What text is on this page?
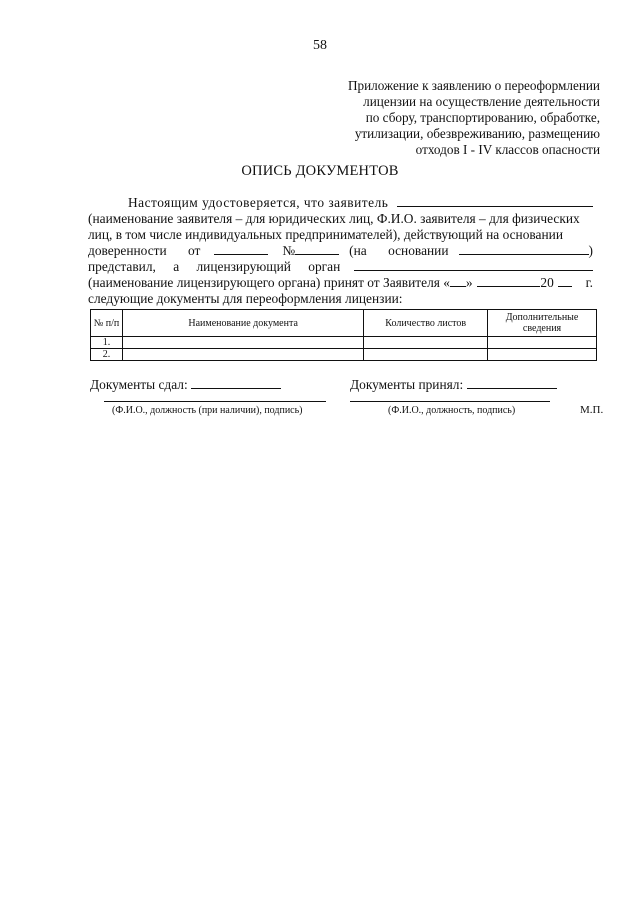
58
Приложение к заявлению о переоформлении
лицензии на осуществление деятельности
по сбору, транспортированию, обработке,
утилизации, обезвреживанию, размещению
отходов I - IV классов опасности
ОПИСЬ ДОКУМЕНТОВ
Настоящим удостоверяется, что заявитель
(наименование заявителя – для юридических лиц, Ф.И.О. заявителя – для физических
лиц, в том числе индивидуальных предпринимателей), действующий на основании
доверенности от	№	(на основании	)
представил, а лицензирующий орган
(наименование лицензирующего органа) принят от Заявителя « »	20 г.
следующие документы для переоформления лицензии:
№ п/п	Наименование документа	Количество листов	Дополнительные сведения
1.			
2.			
Документы сдал:	Документы принял:
(Ф.И.О., должность (при наличии), подпись)	(Ф.И.О., должность, подпись)	М.П.
